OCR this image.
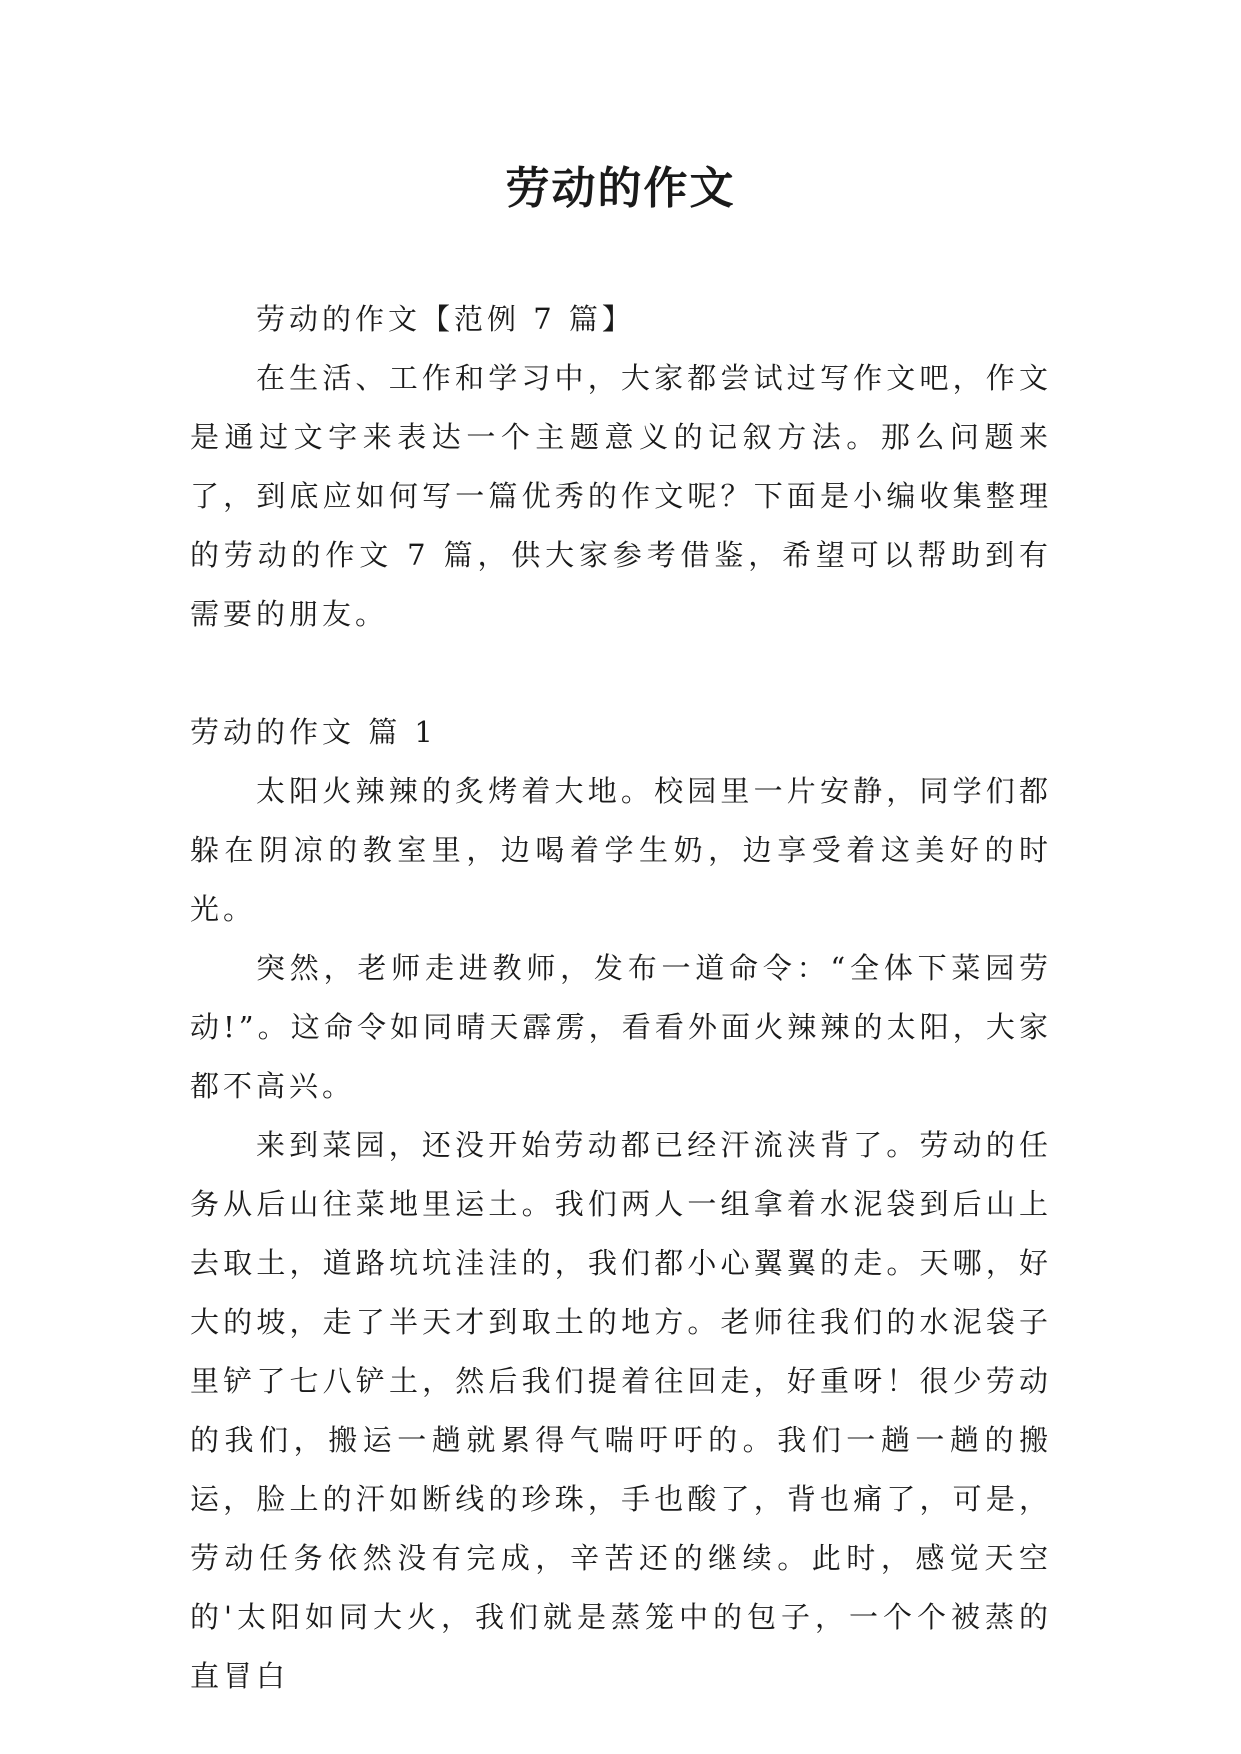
劳动的作文

劳动的作文【范例 7 篇】

在生活、工作和学习中，大家都尝试过写作文吧，作文是通过文字来表达一个主题意义的记叙方法。那么问题来了，到底应如何写一篇优秀的作文呢？下面是小编收集整理的劳动的作文 7 篇，供大家参考借鉴，希望可以帮助到有需要的朋友。

劳动的作文 篇 1

太阳火辣辣的炙烤着大地。校园里一片安静，同学们都躲在阴凉的教室里，边喝着学生奶，边享受着这美好的时光。

突然，老师走进教师，发布一道命令：“全体下菜园劳动!”。这命令如同晴天霹雳，看看外面火辣辣的太阳，大家都不高兴。

来到菜园，还没开始劳动都已经汗流浃背了。劳动的任务从后山往菜地里运土。我们两人一组拿着水泥袋到后山上去取土，道路坑坑洼洼的，我们都小心翼翼的走。天哪，好大的坡，走了半天才到取土的地方。老师往我们的水泥袋子里铲了七八铲土，然后我们提着往回走，好重呀！很少劳动的我们，搬运一趟就累得气喘吁吁的。我们一趟一趟的搬运，脸上的汗如断线的珍珠，手也酸了，背也痛了，可是，劳动任务依然没有完成，辛苦还的继续。此时，感觉天空的'太阳如同大火，我们就是蒸笼中的包子，一个个被蒸的直冒白
